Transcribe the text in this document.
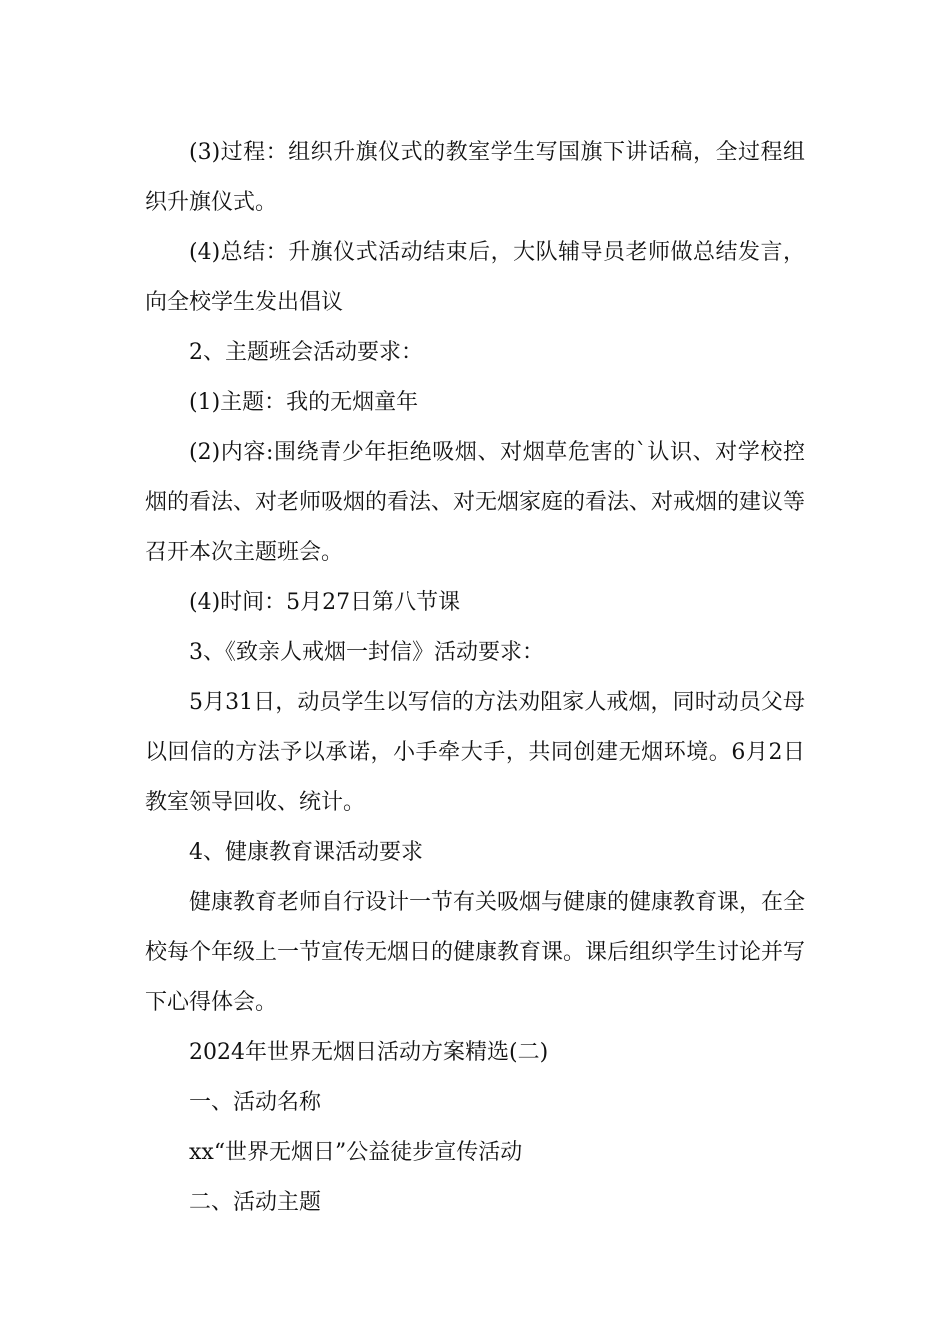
(3)过程：组织升旗仪式的教室学生写国旗下讲话稿，全过程组织升旗仪式。

(4)总结：升旗仪式活动结束后，大队辅导员老师做总结发言，向全校学生发出倡议

2、主题班会活动要求：

(1)主题：我的无烟童年

(2)内容:围绕青少年拒绝吸烟、对烟草危害的`认识、对学校控烟的看法、对老师吸烟的看法、对无烟家庭的看法、对戒烟的建议等召开本次主题班会。

(4)时间：5月27日第八节课

3、《致亲人戒烟一封信》活动要求：

5月31日，动员学生以写信的方法劝阻家人戒烟，同时动员父母以回信的方法予以承诺，小手牵大手，共同创建无烟环境。6月2日教室领导回收、统计。

4、健康教育课活动要求

健康教育老师自行设计一节有关吸烟与健康的健康教育课，在全校每个年级上一节宣传无烟日的健康教育课。课后组织学生讨论并写下心得体会。

2024年世界无烟日活动方案精选(二)

一、活动名称

xx“世界无烟日”公益徒步宣传活动

二、活动主题
